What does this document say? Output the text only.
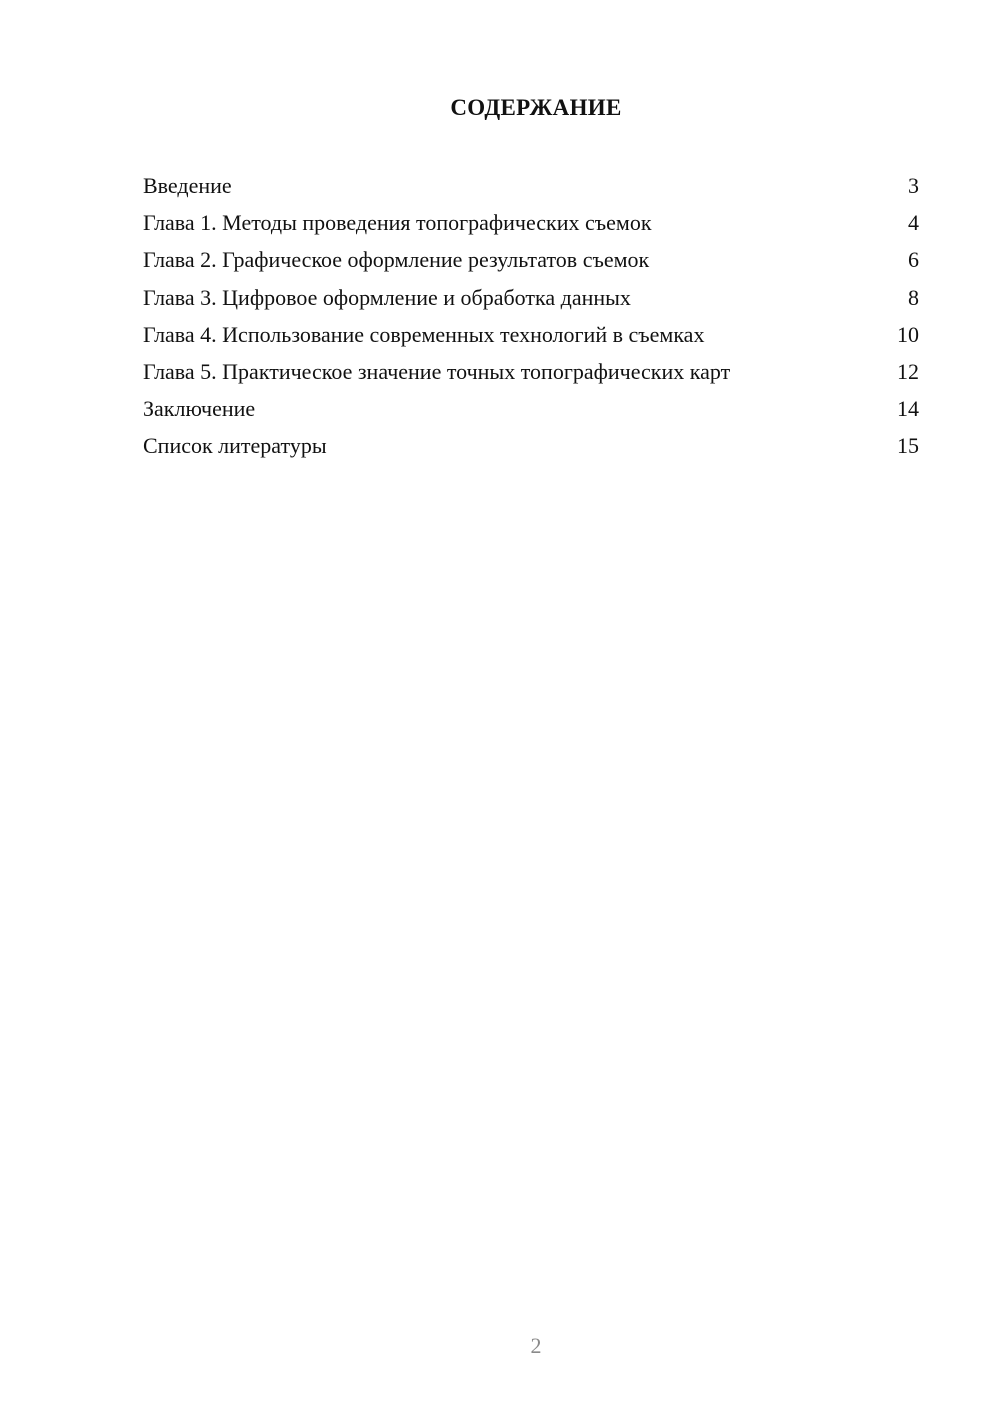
СОДЕРЖАНИЕ
Введение	3
Глава 1. Методы проведения топографических съемок	4
Глава 2. Графическое оформление результатов съемок	6
Глава 3. Цифровое оформление и обработка данных	8
Глава 4. Использование современных технологий в съемках	10
Глава 5. Практическое значение точных топографических карт	12
Заключение	14
Список литературы	15
2
